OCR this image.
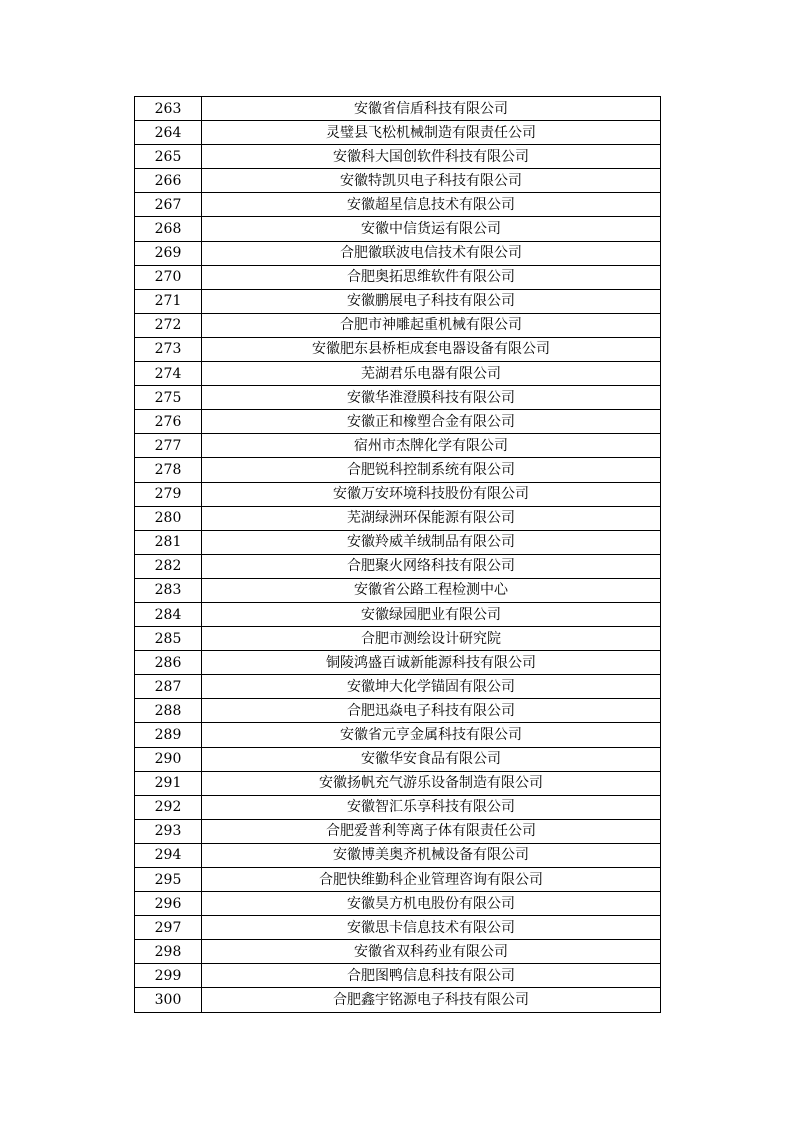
263	安徽省信盾科技有限公司
264	灵璧县飞松机械制造有限责任公司
265	安徽科大国创软件科技有限公司
266	安徽特凯贝电子科技有限公司
267	安徽超星信息技术有限公司
268	安徽中信货运有限公司
269	合肥徽联波电信技术有限公司
270	合肥奥拓思维软件有限公司
271	安徽鹏展电子科技有限公司
272	合肥市神雕起重机械有限公司
273	安徽肥东县桥柜成套电器设备有限公司
274	芜湖君乐电器有限公司
275	安徽华淮澄膜科技有限公司
276	安徽正和橡塑合金有限公司
277	宿州市杰牌化学有限公司
278	合肥锐科控制系统有限公司
279	安徽万安环境科技股份有限公司
280	芜湖绿洲环保能源有限公司
281	安徽羚威羊绒制品有限公司
282	合肥聚火网络科技有限公司
283	安徽省公路工程检测中心
284	安徽绿园肥业有限公司
285	合肥市测绘设计研究院
286	铜陵鸿盛百诚新能源科技有限公司
287	安徽坤大化学锚固有限公司
288	合肥迅焱电子科技有限公司
289	安徽省元亨金属科技有限公司
290	安徽华安食品有限公司
291	安徽扬帆充气游乐设备制造有限公司
292	安徽智汇乐享科技有限公司
293	合肥爱普利等离子体有限责任公司
294	安徽博美奥齐机械设备有限公司
295	合肥快维勤科企业管理咨询有限公司
296	安徽昊方机电股份有限公司
297	安徽思卡信息技术有限公司
298	安徽省双科药业有限公司
299	合肥图鸭信息科技有限公司
300	合肥鑫宇铭源电子科技有限公司
